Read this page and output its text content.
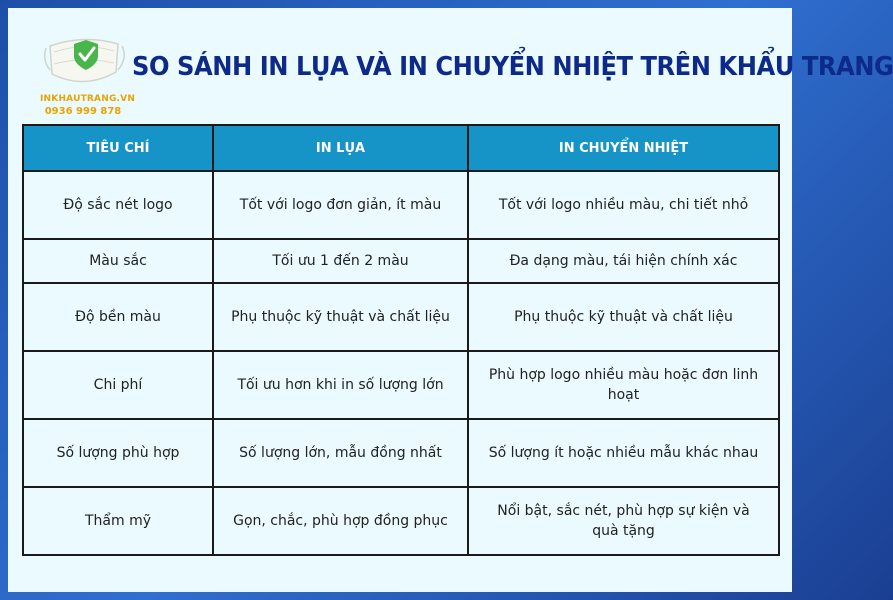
INKHAUTRANG.VN
0936 999 878
SO SÁNH IN LỤA VÀ IN CHUYỂN NHIỆT TRÊN KHẨU TRANG
TIÊU CHÍ	IN LỤA	IN CHUYỂN NHIỆT
Độ sắc nét logo	Tốt với logo đơn giản, ít màu	Tốt với logo nhiều màu, chi tiết nhỏ
Màu sắc	Tối ưu 1 đến 2 màu	Đa dạng màu, tái hiện chính xác
Độ bền màu	Phụ thuộc kỹ thuật và chất liệu	Phụ thuộc kỹ thuật và chất liệu
Chi phí	Tối ưu hơn khi in số lượng lớn	Phù hợp logo nhiều màu hoặc đơn linh hoạt
Số lượng phù hợp	Số lượng lớn, mẫu đồng nhất	Số lượng ít hoặc nhiều mẫu khác nhau
Thẩm mỹ	Gọn, chắc, phù hợp đồng phục	Nổi bật, sắc nét, phù hợp sự kiện và quà tặng
